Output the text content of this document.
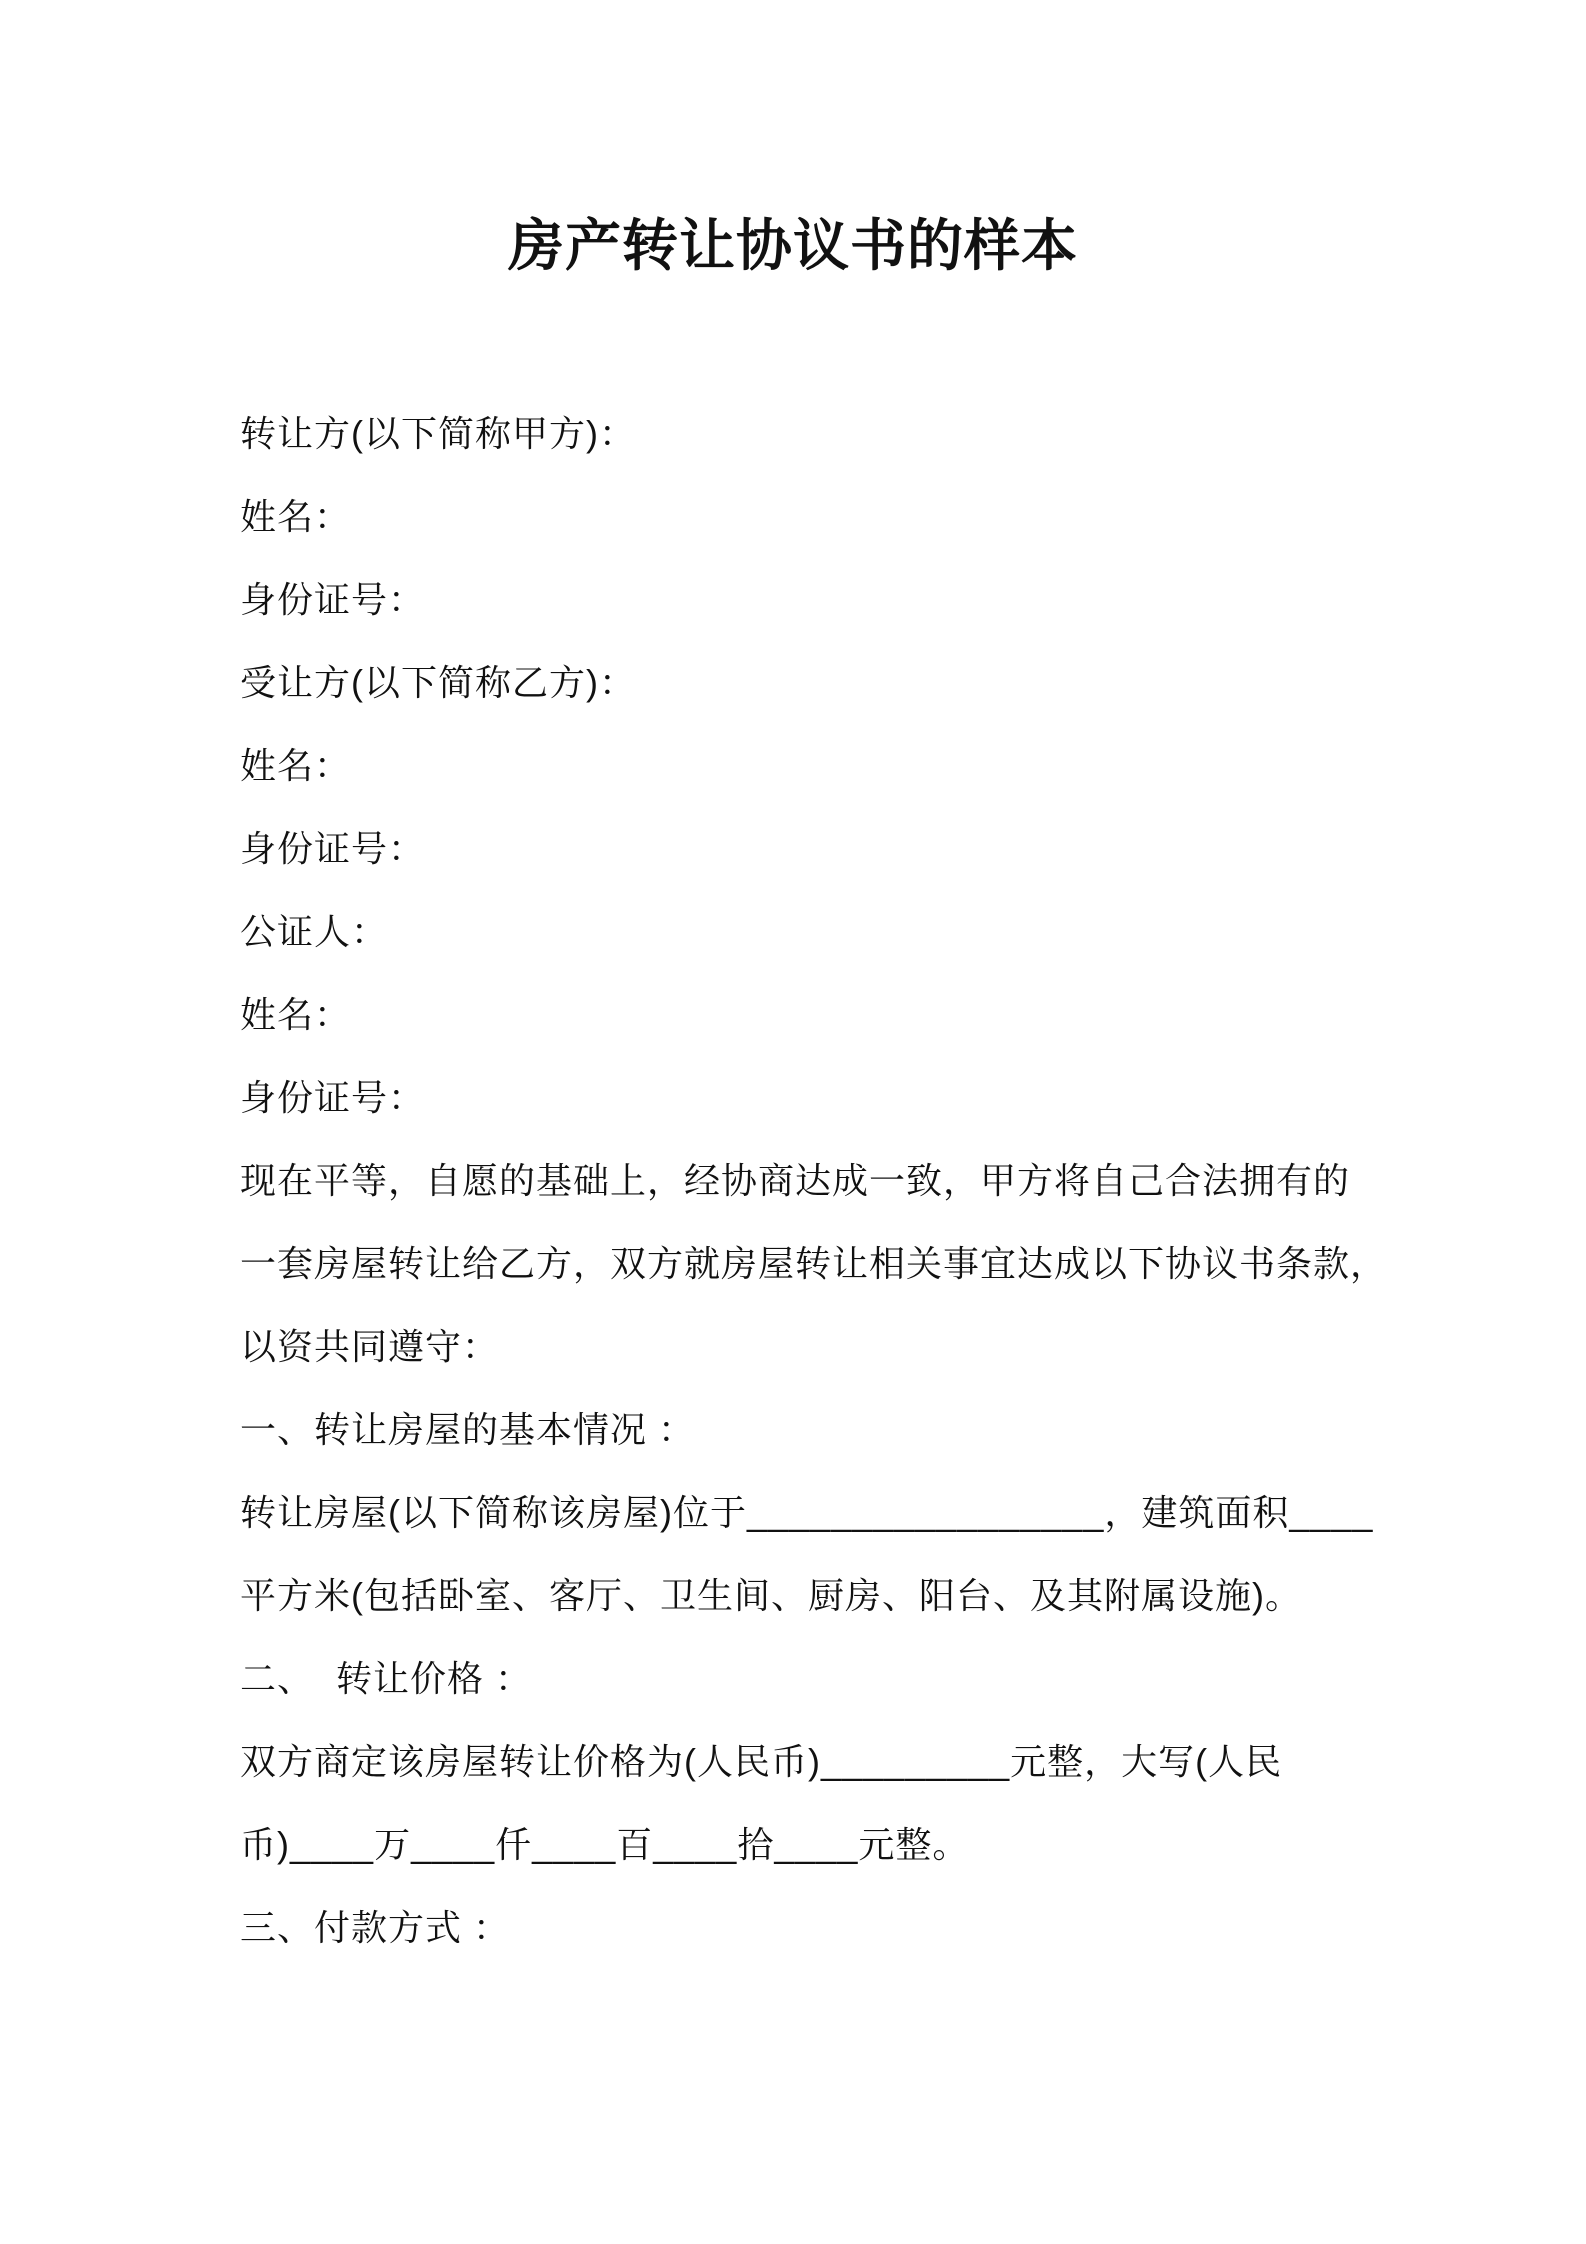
房产转让协议书的样本
转让方(以下简称甲方)：
姓名：
身份证号：
受让方(以下简称乙方)：
姓名：
身份证号：
公证人：
姓名：
身份证号：
现在平等，自愿的基础上，经协商达成一致，甲方将自己合法拥有的
一套房屋转让给乙方，双方就房屋转让相关事宜达成以下协议书条款，
以资共同遵守：
一、转让房屋的基本情况 ：
转让房屋(以下简称该房屋)位于_________________，建筑面积____
平方米(包括卧室、客厅、卫生间、厨房、阳台、及其附属设施)。
二、  转让价格 ：
双方商定该房屋转让价格为(人民币)_________元整，大写(人民
币)____万____仟____百____拾____元整。
三、付款方式 ：
